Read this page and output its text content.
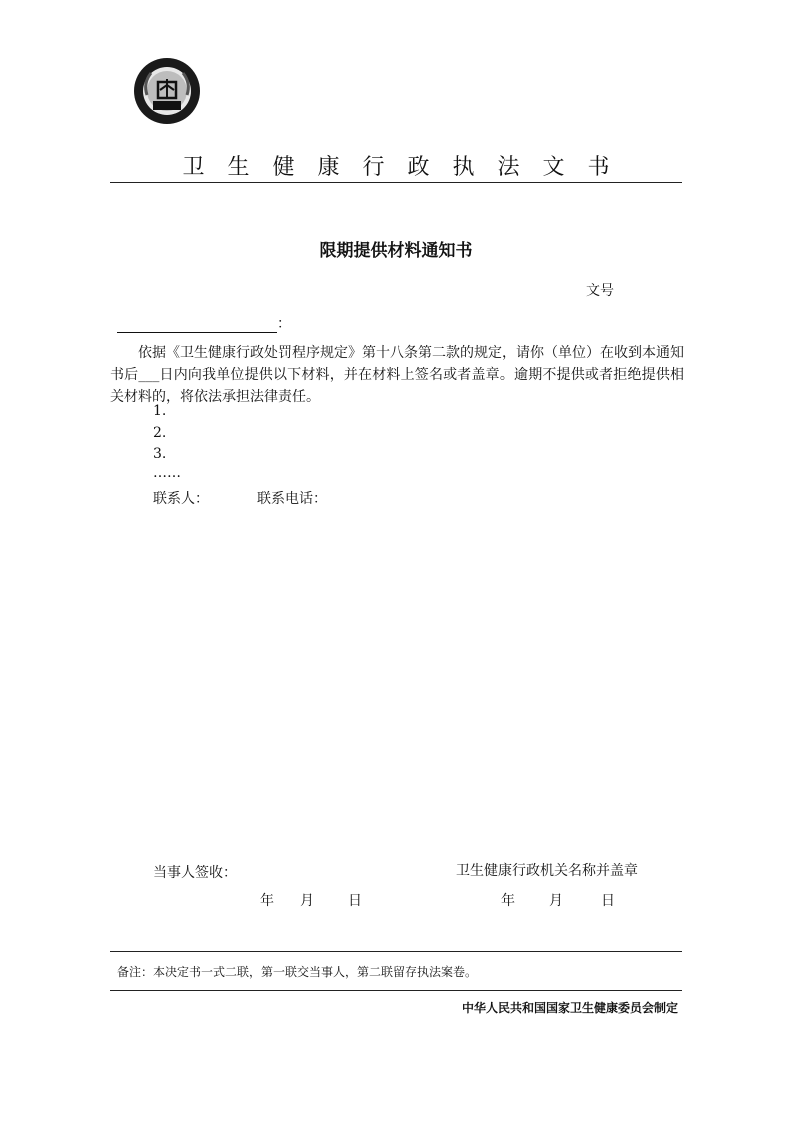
卫生健康行政执法文书
限期提供材料通知书
文号
：

依据《卫生健康行政处罚程序规定》第十八条第二款的规定，请你（单位）在收到本通知书后___日内向我单位提供以下材料，并在材料上签名或者盖章。逾期不提供或者拒绝提供相关材料的，将依法承担法律责任。

1.
2.
3.
……
联系人：	联系电话：
当事人签收：	卫生健康行政机关名称并盖章
年 月 日	年 月	日
备注：本决定书一式二联，第一联交当事人，第二联留存执法案卷。
中华人民共和国国家卫生健康委员会制定
